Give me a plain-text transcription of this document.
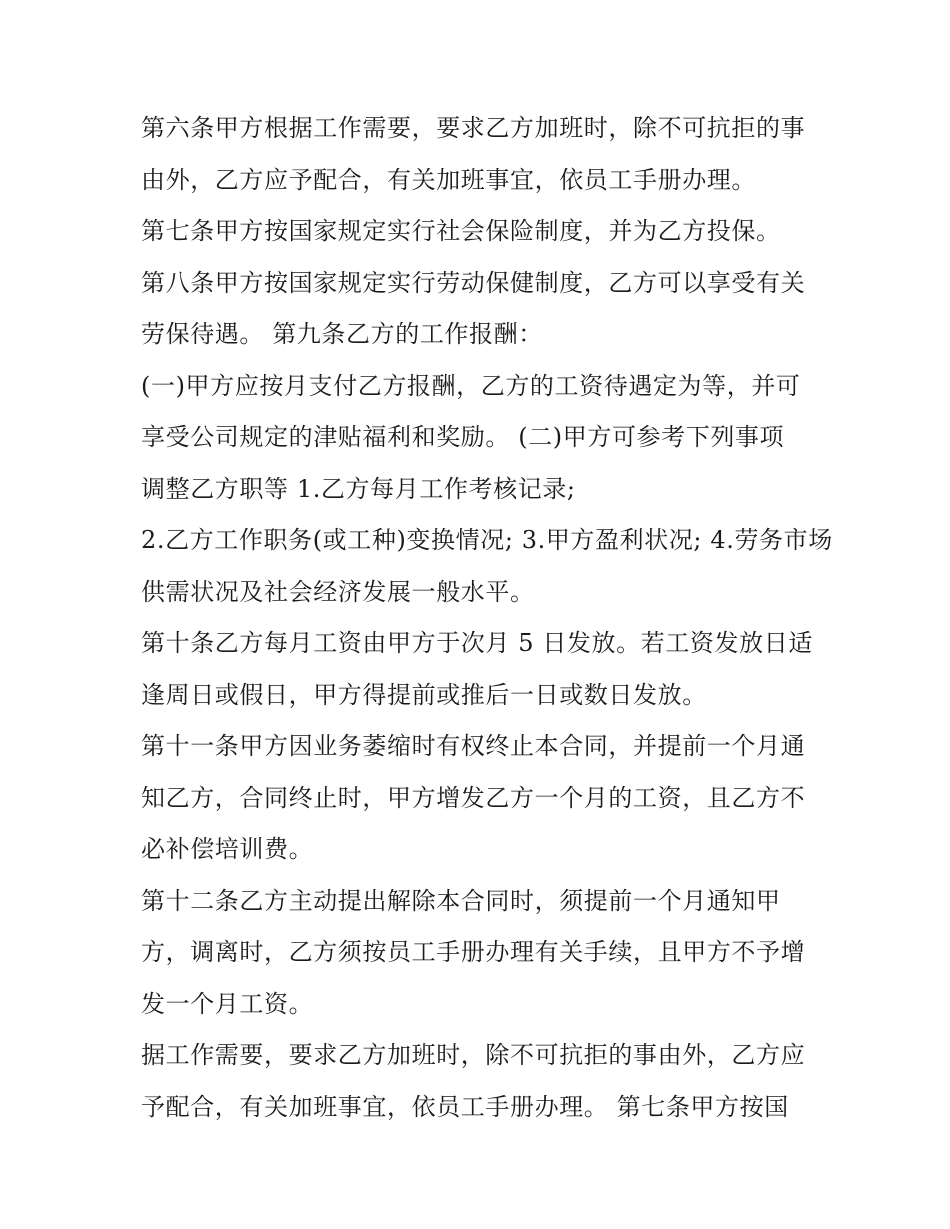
第六条甲方根据工作需要，要求乙方加班时，除不可抗拒的事
由外，乙方应予配合，有关加班事宜，依员工手册办理。
第七条甲方按国家规定实行社会保险制度，并为乙方投保。
第八条甲方按国家规定实行劳动保健制度，乙方可以享受有关
劳保待遇。 第九条乙方的工作报酬：
(一)甲方应按月支付乙方报酬，乙方的工资待遇定为等，并可
享受公司规定的津贴福利和奖励。 (二)甲方可参考下列事项
调整乙方职等 1.乙方每月工作考核记录;
2.乙方工作职务(或工种)变换情况; 3.甲方盈利状况; 4.劳务市场
供需状况及社会经济发展一般水平。
第十条乙方每月工资由甲方于次月 5 日发放。若工资发放日适
逢周日或假日，甲方得提前或推后一日或数日发放。
第十一条甲方因业务萎缩时有权终止本合同，并提前一个月通
知乙方，合同终止时，甲方增发乙方一个月的工资，且乙方不
必补偿培训费。
第十二条乙方主动提出解除本合同时，须提前一个月通知甲
方，调离时，乙方须按员工手册办理有关手续，且甲方不予增
发一个月工资。
据工作需要，要求乙方加班时，除不可抗拒的事由外，乙方应
予配合，有关加班事宜，依员工手册办理。 第七条甲方按国
